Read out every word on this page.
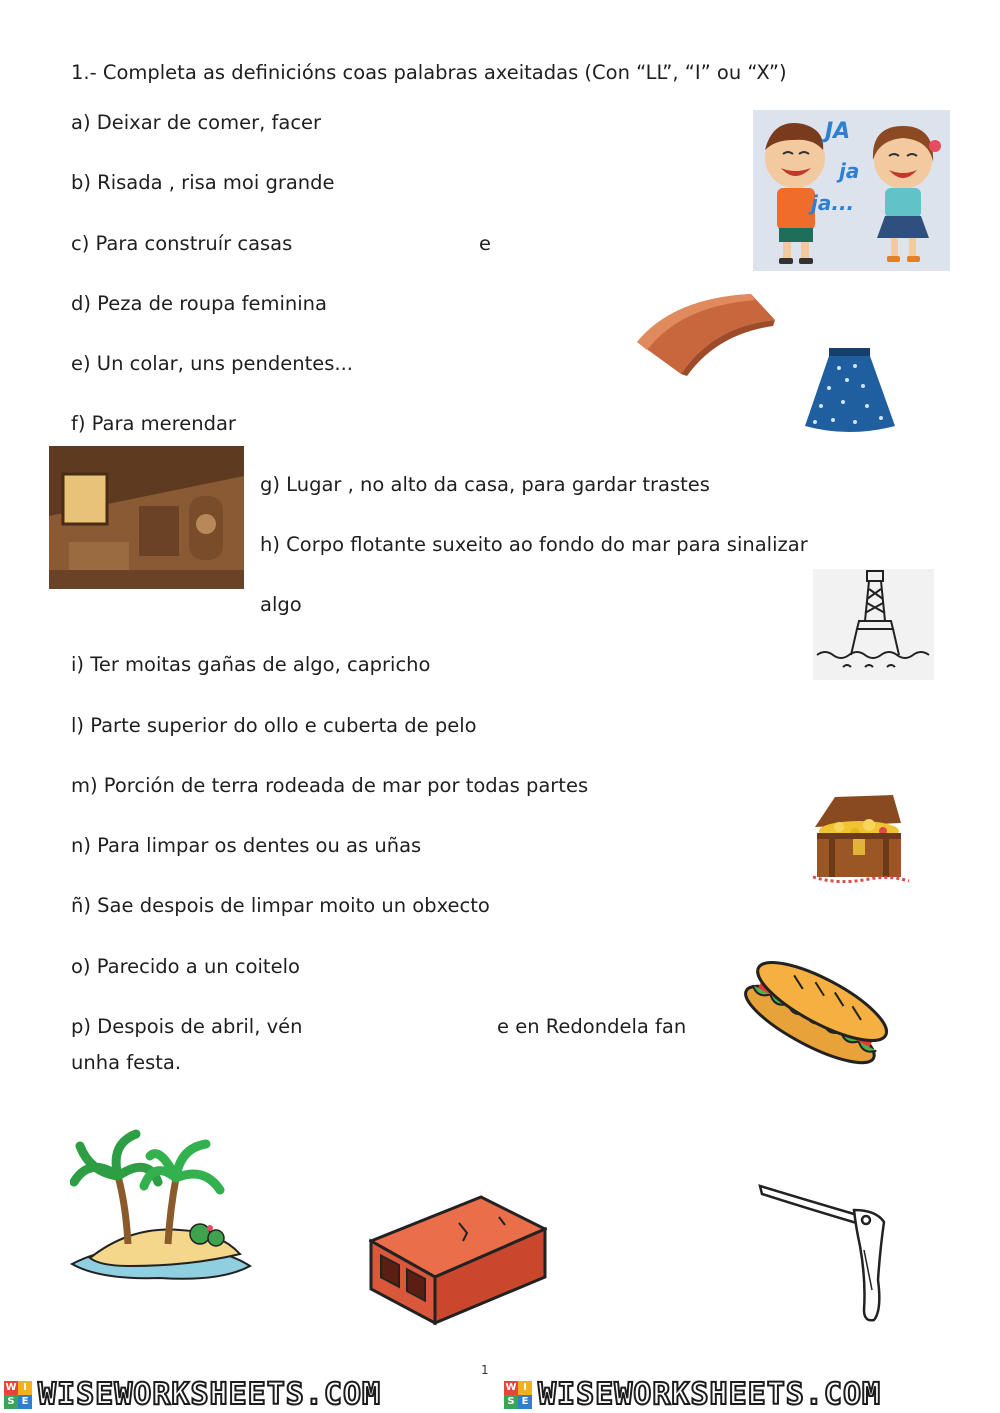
1.- Completa as definicións coas palabras axeitadas (Con “LL”, “I” ou “X”)

a) Deixar de comer, facer

b) Risada , risa moi grande

c) Para construír casas	e

d) Peza de roupa feminina

e) Un colar, uns pendentes...

f) Para merendar

g) Lugar , no alto da casa, para gardar trastes

h) Corpo flotante suxeito ao fondo do mar para sinalizar

algo

i) Ter moitas gañas de algo, capricho

l) Parte superior do ollo e cuberta de pelo

m) Porción de terra rodeada de mar por todas partes

n) Para limpar os dentes ou as uñas

ñ) Sae despois de limpar moito un obxecto

o) Parecido a un coitelo

p) Despois de abril, vén	e en Redondela fan

unha festa.

JA
ja
ja...
1
W I
S E WISEWORKSHEETS.COM	W I
S E WISEWORKSHEETS.COM
